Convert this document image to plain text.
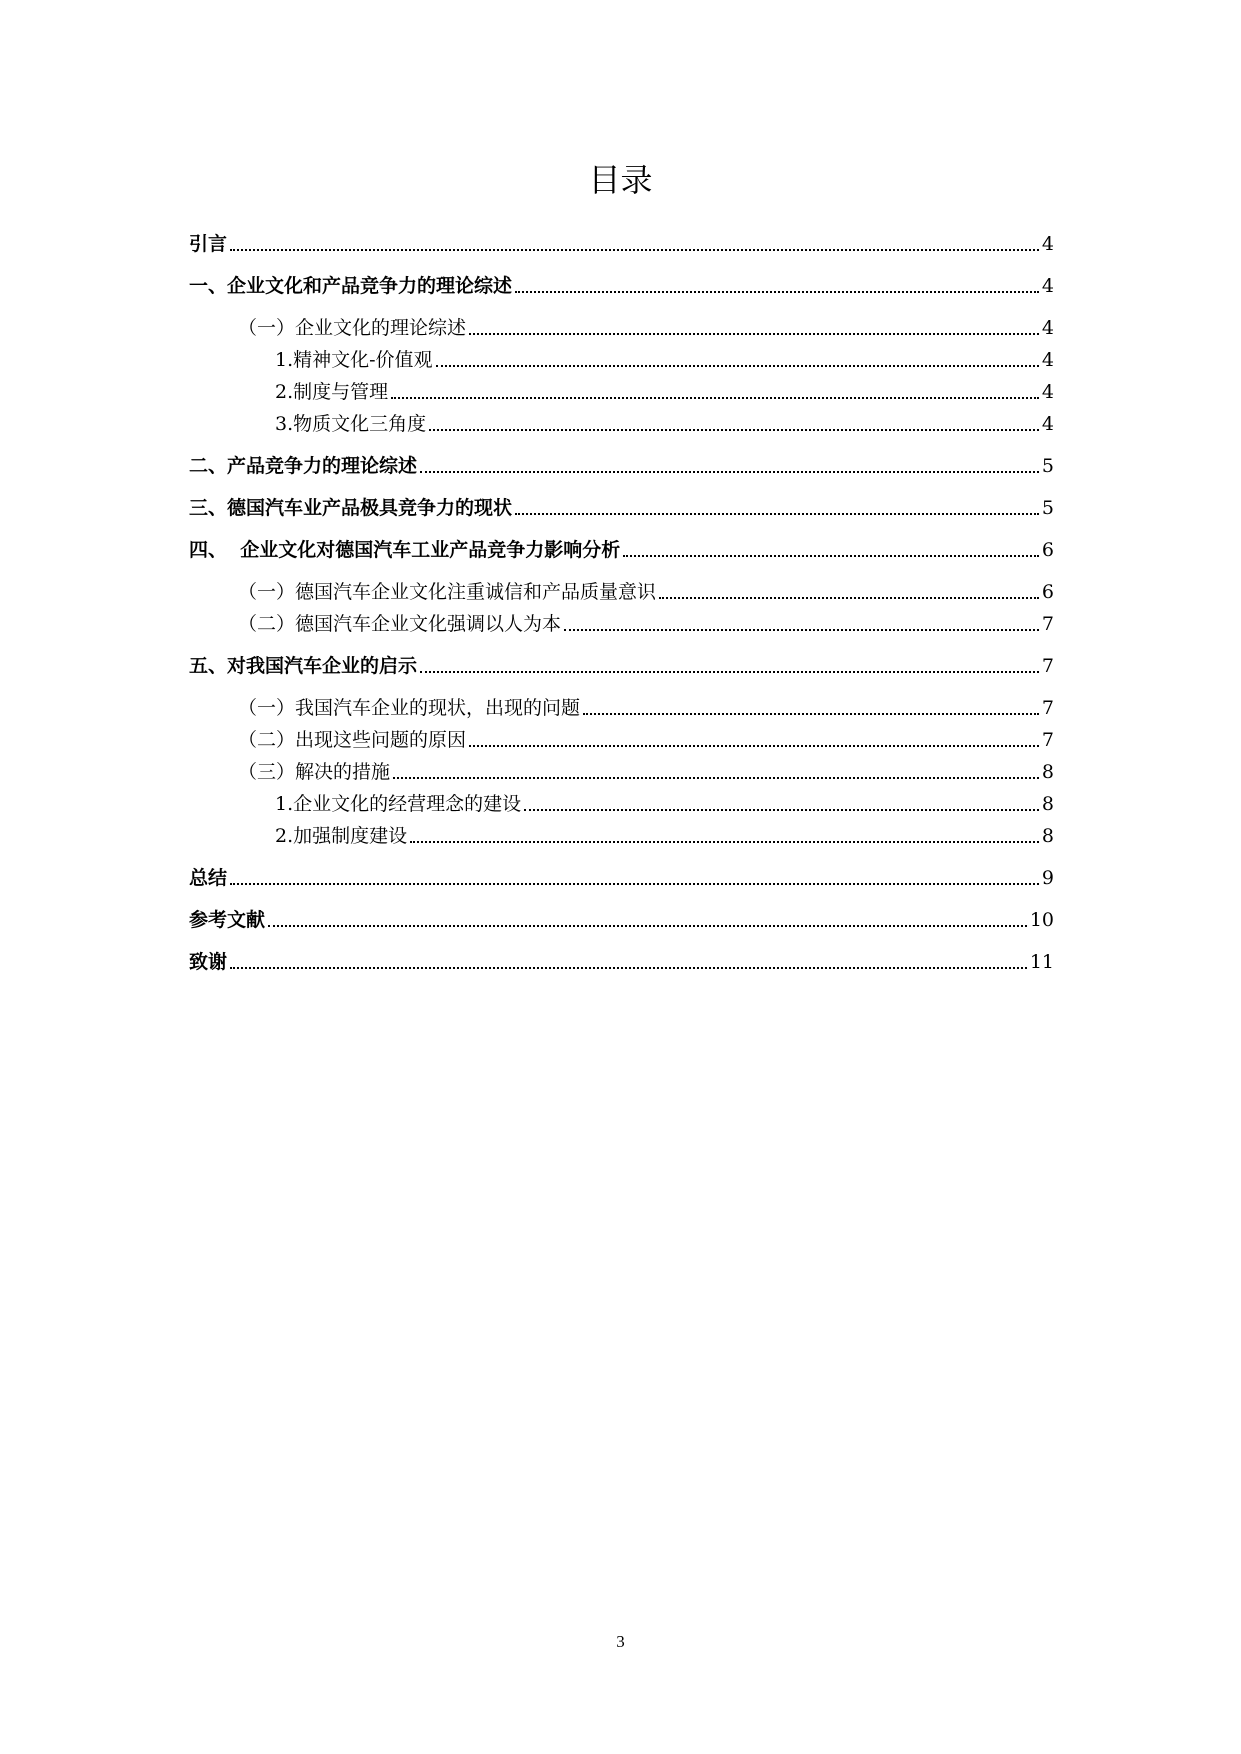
目录
引言	4
一、企业文化和产品竞争力的理论综述	4
（一）企业文化的理论综述	4
1.精神文化-价值观	4
2.制度与管理	4
3.物质文化三角度	4
二、产品竞争力的理论综述	5
三、德国汽车业产品极具竞争力的现状	5
四、  企业文化对德国汽车工业产品竞争力影响分析	6
（一）德国汽车企业文化注重诚信和产品质量意识	6
（二）德国汽车企业文化强调以人为本	7
五、对我国汽车企业的启示	7
（一）我国汽车企业的现状，出现的问题	7
（二）出现这些问题的原因	7
（三）解决的措施	8
1.企业文化的经营理念的建设	8
2.加强制度建设	8
总结	9
参考文献	10
致谢	11
3
